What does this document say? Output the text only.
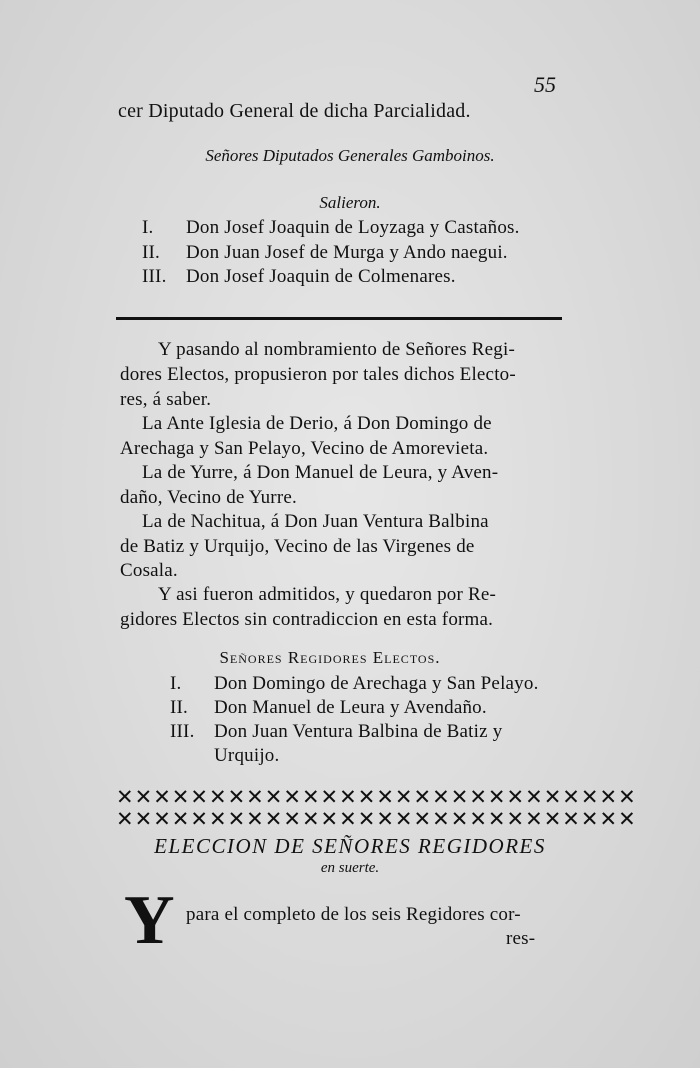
55
cer Diputado General de dicha Parcialidad.
Señores Diputados Generales Gamboinos.
Salieron.
I. Don Josef Joaquin de Loyzaga y Castaños.
II. Don Juan Josef de Murga y Ando naegui.
III. Don Josef Joaquin de Colmenares.
Y pasando al nombramiento de Señores Regi-
dores Electos, propusieron por tales dichos Electo-
res, á saber.
La Ante Iglesia de Derio, á Don Domingo de
Arechaga y San Pelayo, Vecino de Amorevieta.
La de Yurre, á Don Manuel de Leura, y Aven-
daño, Vecino de Yurre.
La de Nachitua, á Don Juan Ventura Balbina
de Batiz y Urquijo, Vecino de las Virgenes de
Cosala.
Y asi fueron admitidos, y quedaron por Re-
gidores Electos sin contradiccion en esta forma.
Señores Regidores Electos.
I. Don Domingo de Arechaga y San Pelayo.
II. Don Manuel de Leura y Avendaño.
III. Don Juan Ventura Balbina de Batiz y
Urquijo.
✕✕✕✕✕✕✕✕✕✕✕✕✕✕✕✕✕✕✕✕✕✕✕✕✕✕✕✕
✕✕✕✕✕✕✕✕✕✕✕✕✕✕✕✕✕✕✕✕✕✕✕✕✕✕✕✕
ELECCION DE SEÑORES REGIDORES
en suerte.
Y para el completo de los seis Regidores cor-
res-
